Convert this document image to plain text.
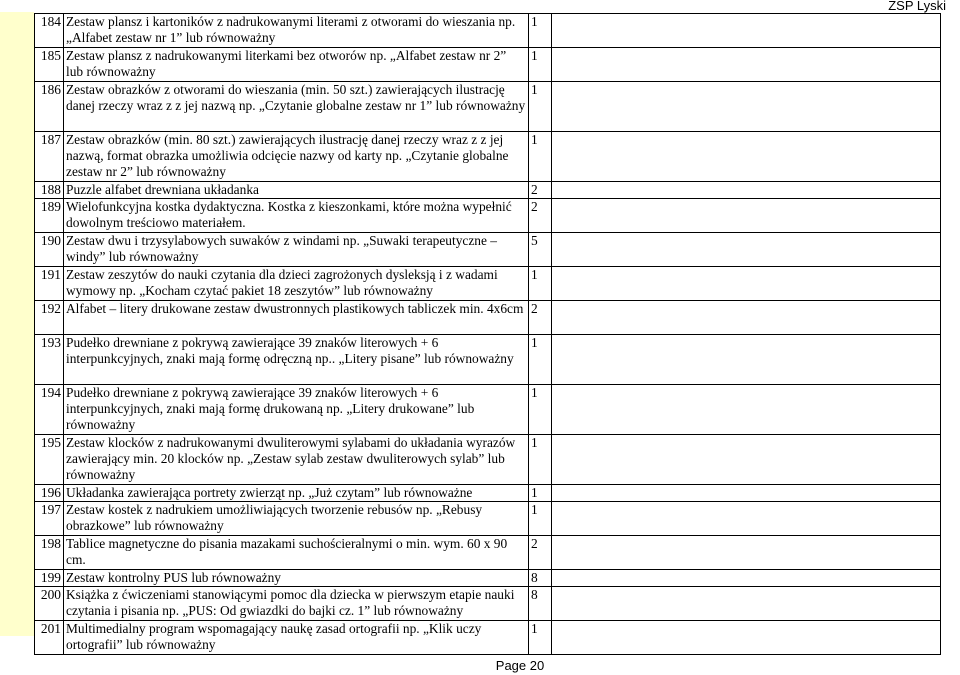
ZSP Lyski
184	Zestaw plansz i kartoników z nadrukowanymi literami z otworami do wieszania np. „Alfabet zestaw nr 1” lub równoważny	1	
185	Zestaw plansz z nadrukowanymi literkami bez otworów np. „Alfabet zestaw nr 2” lub równoważny	1	
186	Zestaw obrazków z otworami do wieszania (min. 50 szt.) zawierających ilustrację danej rzeczy wraz z z jej nazwą np. „Czytanie globalne zestaw nr 1” lub równoważny	1	
187	Zestaw obrazków (min. 80 szt.) zawierających ilustrację danej rzeczy wraz z z jej nazwą, format obrazka umożliwia odcięcie nazwy od karty np. „Czytanie globalne zestaw nr 2” lub równoważny	1	
188	Puzzle alfabet drewniana układanka	2	
189	Wielofunkcyjna kostka dydaktyczna. Kostka z kieszonkami, które można wypełnić dowolnym treściowo materiałem.	2	
190	Zestaw dwu i trzysylabowych suwaków z windami np. „Suwaki terapeutyczne – windy” lub równoważny	5	
191	Zestaw zeszytów do nauki czytania dla dzieci zagrożonych dysleksją i z wadami wymowy np. „Kocham czytać pakiet 18 zeszytów” lub równoważny	1	
192	Alfabet – litery drukowane zestaw dwustronnych plastikowych tabliczek min. 4x6cm	2	
193	Pudełko drewniane z pokrywą zawierające 39 znaków literowych + 6 interpunkcyjnych, znaki mają formę odręczną np.. „Litery pisane” lub równoważny	1	
194	Pudełko drewniane z pokrywą zawierające 39 znaków literowych + 6 interpunkcyjnych, znaki mają formę drukowaną np. „Litery drukowane” lub równoważny	1	
195	Zestaw klocków z nadrukowanymi dwuliterowymi sylabami do układania wyrazów zawierający min. 20 klocków np. „Zestaw sylab zestaw dwuliterowych sylab” lub równoważny	1	
196	Układanka zawierająca portrety zwierząt np. „Już czytam” lub równoważne	1	
197	Zestaw kostek z nadrukiem umożliwiających tworzenie rebusów np. „Rebusy obrazkowe” lub równoważny	1	
198	Tablice magnetyczne do pisania mazakami suchościeralnymi o min. wym. 60 x 90 cm.	2	
199	Zestaw kontrolny PUS lub równoważny	8	
200	Książka z ćwiczeniami stanowiącymi pomoc dla dziecka w pierwszym etapie nauki czytania i pisania np. „PUS: Od gwiazdki do bajki cz. 1” lub równoważny	8	
201	Multimedialny program wspomagający naukę zasad ortografii np. „Klik uczy ortografii” lub równoważny	1	
Page 20
